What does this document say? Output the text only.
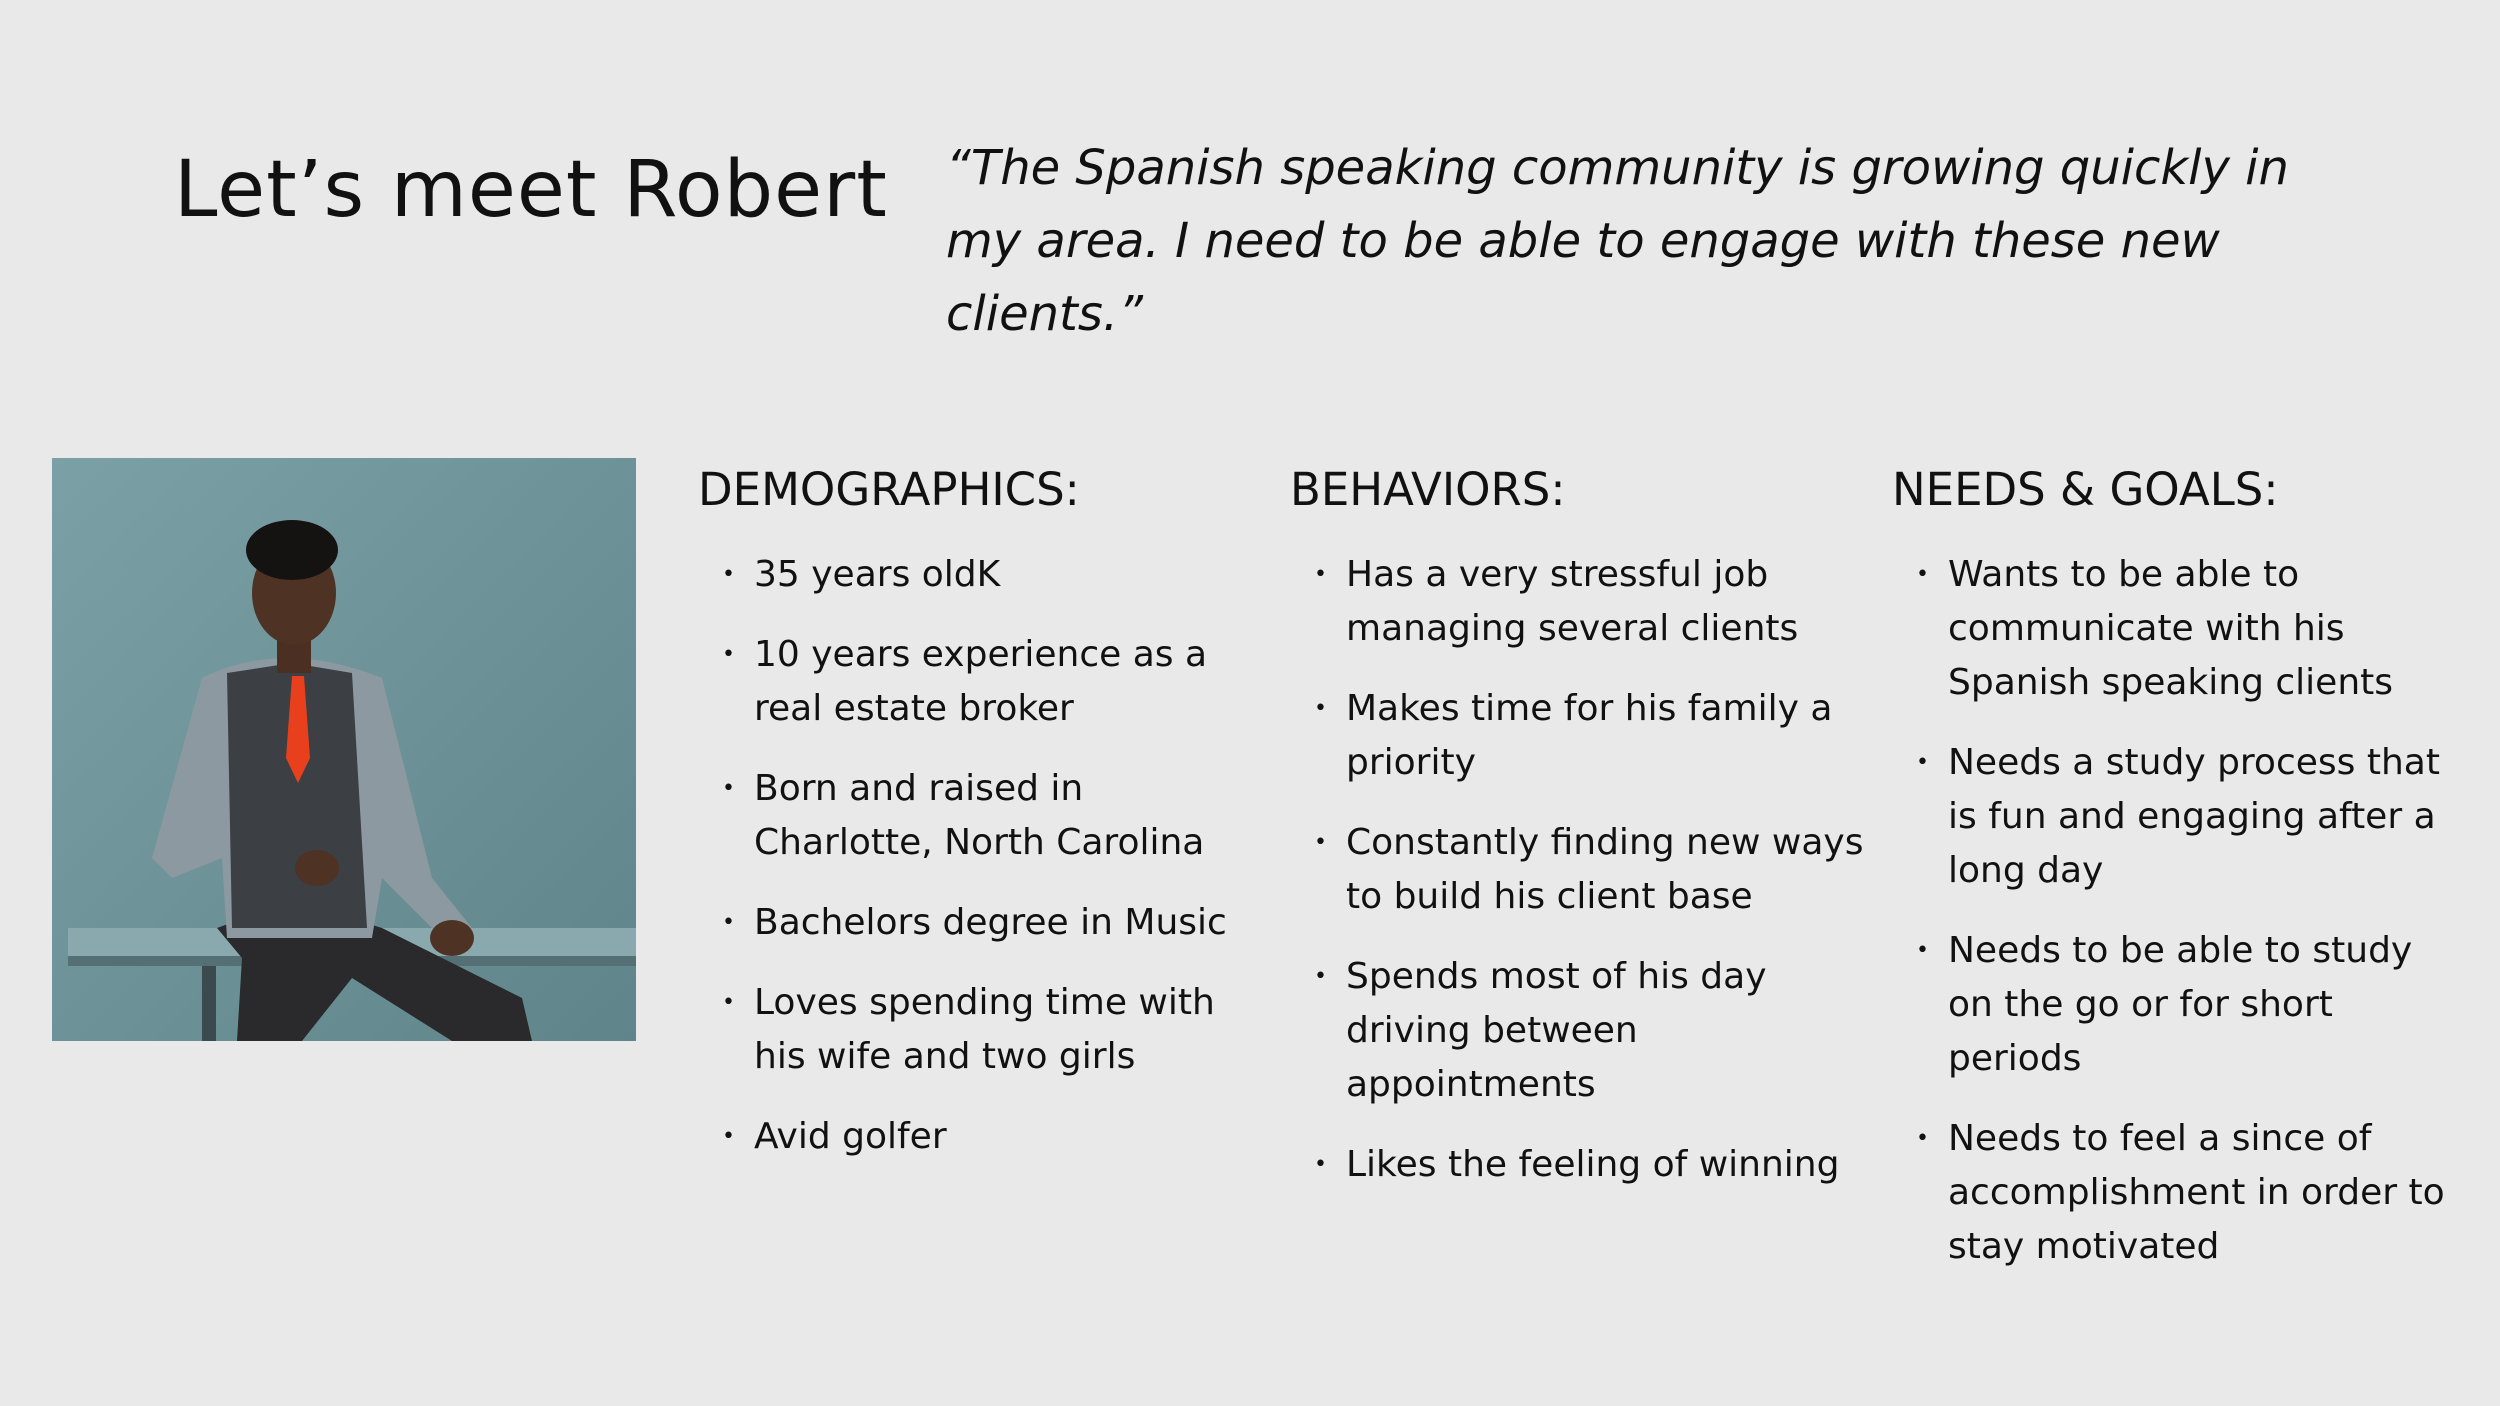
Let’s meet Robert “The Spanish speaking community is growing quickly in my area. I need to be able to engage with these new clients.”

DEMOGRAPHICS:
• 35 years oldK
• 10 years experience as a real estate broker
• Born and raised in Charlotte, North Carolina
• Bachelors degree in Music
• Loves spending time with his wife and two girls
• Avid golfer
BEHAVIORS:
• Has a very stressful job managing several clients
• Makes time for his family a priority
• Constantly finding new ways to build his client base
• Spends most of his day driving between appointments
• Likes the feeling of winning
NEEDS & GOALS:
• Wants to be able to communicate with his Spanish speaking clients
• Needs a study process that is fun and engaging after a long day
• Needs to be able to study on the go or for short periods
• Needs to feel a since of accomplishment in order to stay motivated
